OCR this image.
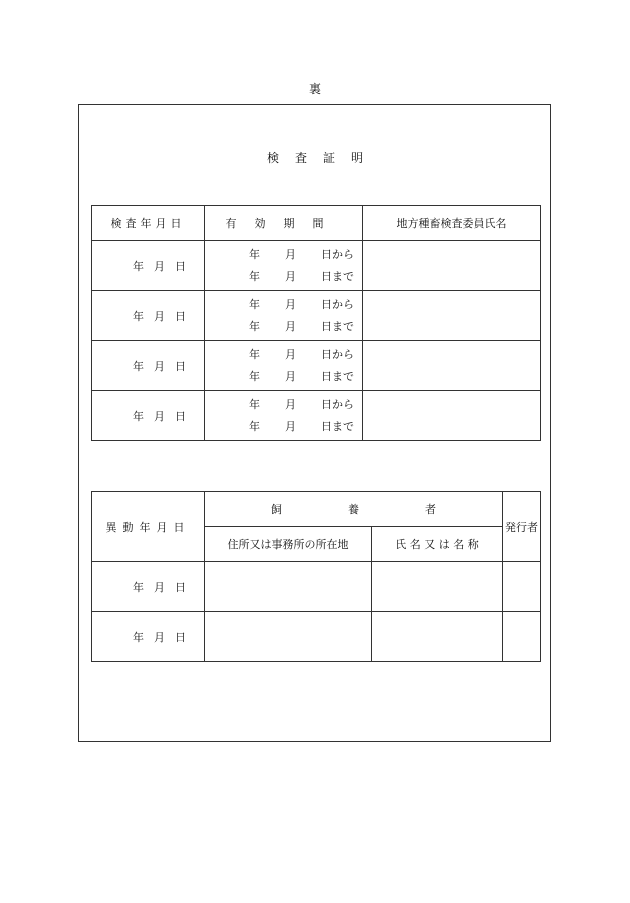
裏
検査証明
検査年月日	有効期間	地方種畜検査委員氏名
年月日	年 月 日から
年 月 日まで	

年月日	年 月 日から
年 月 日まで	

年月日	年 月 日から
年 月 日まで	

年月日	年 月 日から
年 月 日まで	

異動年月日	飼養者		発行者
	住所又は事務所の所在地	氏 名 又 は 名 称	
年月日			
年月日			
